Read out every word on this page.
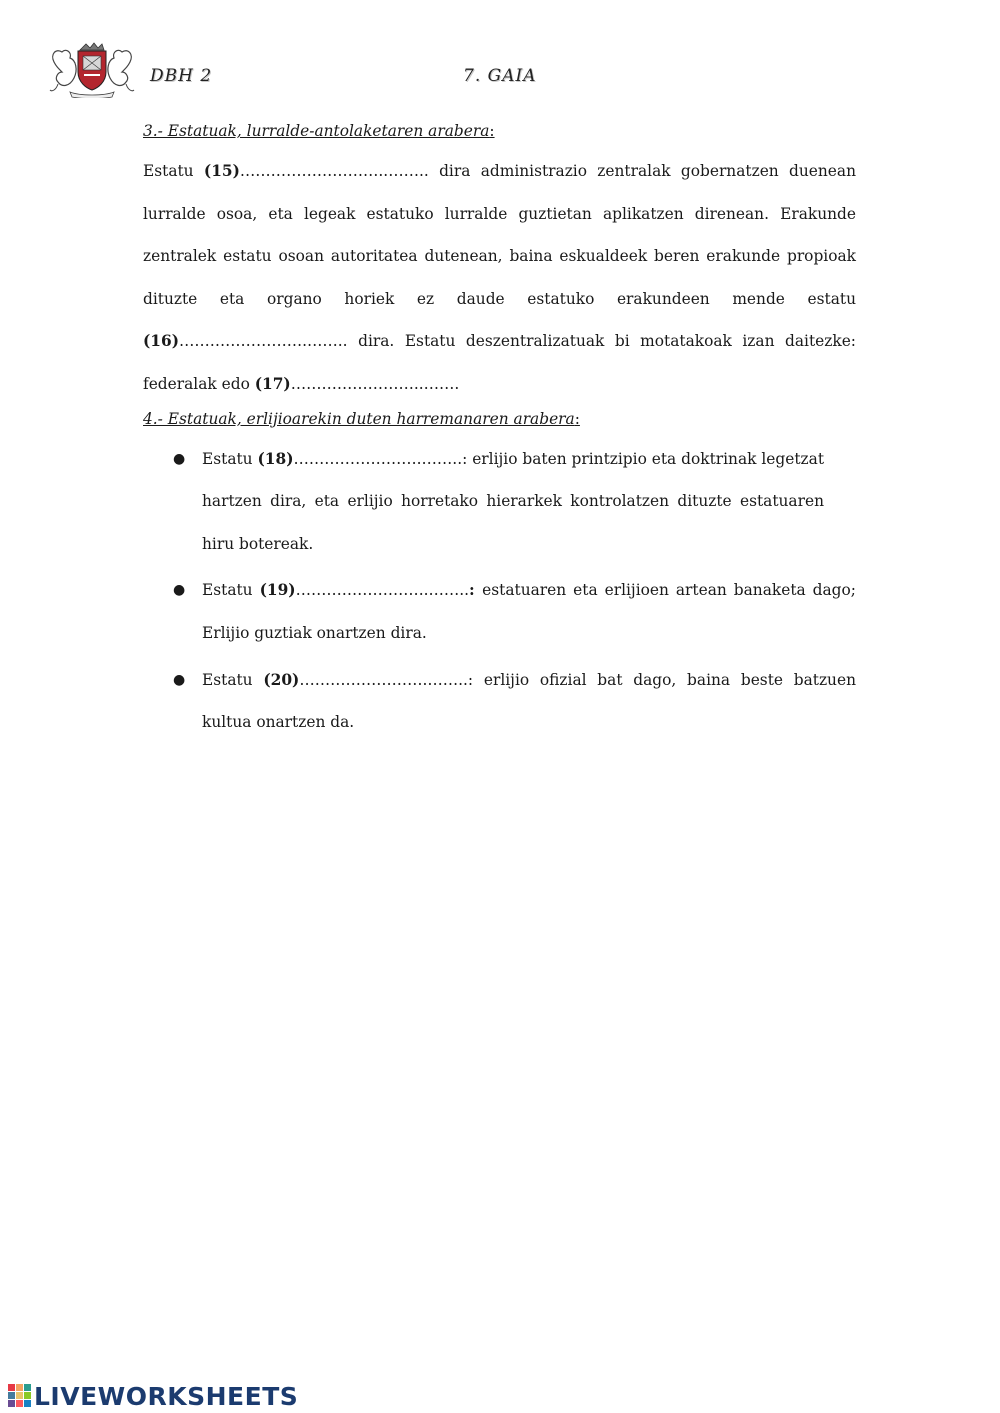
DBH 2	7. GAIA

3.- Estatuak, lurralde-antolaketaren arabera:

Estatu (15)………………………..…….. dira administrazio zentralak gobernatzen duenean lurralde osoa, eta legeak estatuko lurralde guztietan aplikatzen direnean. Erakunde zentralek estatu osoan autoritatea dutenean, baina eskualdeek beren erakunde propioak dituzte eta organo horiek ez daude estatuko erakundeen mende estatu (16)…………………….…….. dira. Estatu deszentralizatuak bi motatakoak izan daitezke: federalak edo (17)……………………..…….

4.- Estatuak, erlijioarekin duten harremanaren arabera:

● Estatu (18)…………………….……..: erlijio baten printzipio eta doktrinak legetzat hartzen dira, eta erlijio horretako hierarkek kontrolatzen dituzte estatuaren hiru botereak.
● Estatu (19)……………………..……..: estatuaren eta erlijioen artean banaketa dago; Erlijio guztiak onartzen dira.
● Estatu (20)…………………….……..: erlijio ofizial bat dago, baina beste batzuen kultua onartzen da.
LIVEWORKSHEETS
